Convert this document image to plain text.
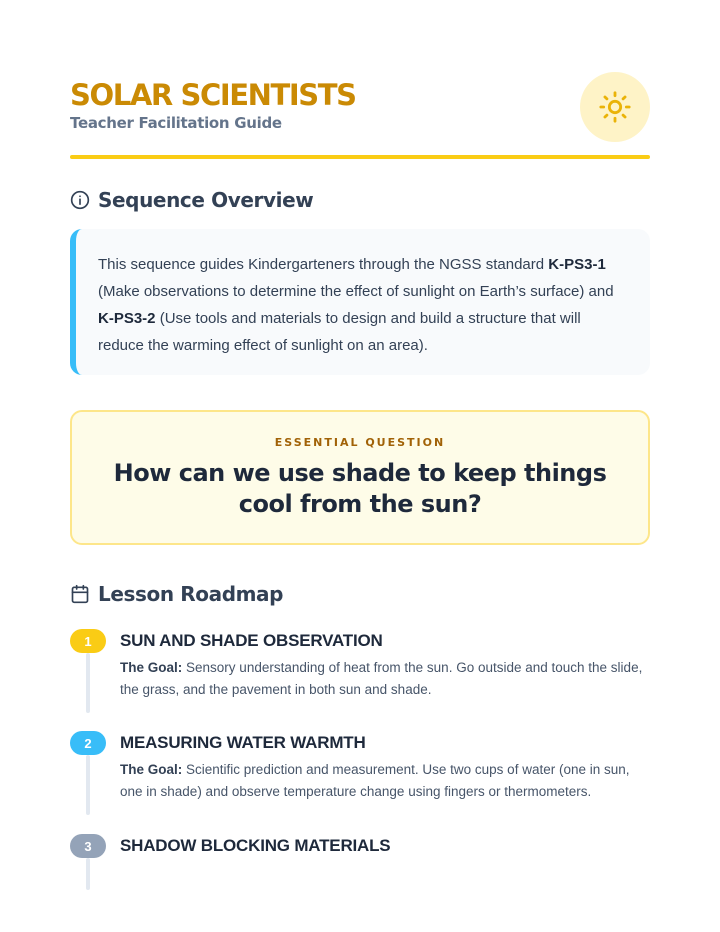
SOLAR SCIENTISTS
Teacher Facilitation Guide
Sequence Overview

This sequence guides Kindergarteners through the NGSS standard K-PS3-1 (Make observations to determine the effect of sunlight on Earth’s surface) and K-PS3-2 (Use tools and materials to design and build a structure that will reduce the warming effect of sunlight on an area).

ESSENTIAL QUESTION
How can we use shade to keep things cool from the sun?
Lesson Roadmap
1	SUN AND SHADE OBSERVATION
The Goal: Sensory understanding of heat from the sun. Go outside and touch the slide, the grass, and the pavement in both sun and shade.
2	MEASURING WATER WARMTH
The Goal: Scientific prediction and measurement. Use two cups of water (one in sun, one in shade) and observe temperature change using fingers or thermometers.
3	SHADOW BLOCKING MATERIALS
